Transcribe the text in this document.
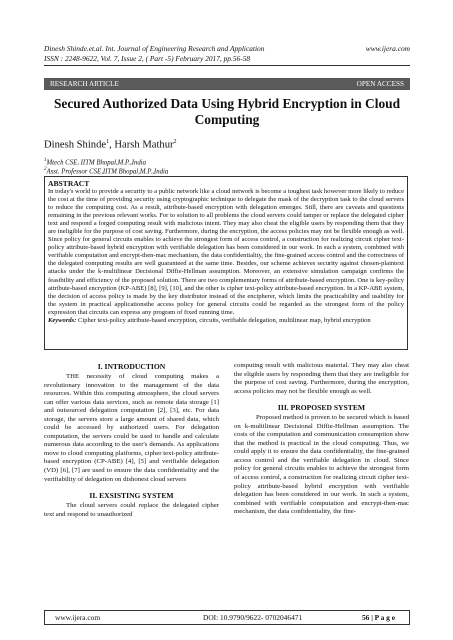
Dinesh Shinde.et.al. Int. Journal of Engineering Research and Application
ISSN : 2248-9622, Vol. 7, Issue 2, ( Part -5) February 2017, pp.56-58
www.ijera.com
RESEARCH ARTICLE	OPEN ACCESS
Secured Authorized Data Using Hybrid Encryption in Cloud Computing
Dinesh Shinde$^1$, Harsh Mathur$^2$
$^1$Mtech CSE, IITM Bhopal,M.P.,India
$^2$Asst. Professor CSE,IITM Bhopal,M.P.,India
ABSTRACT
In today's world to provide a security to a public network like a cloud network is become a toughest task however more likely to reduce the cost at the time of providing security using cryptographic technique to delegate the mask of the decryption task to the cloud servers to reduce the computing cost. As a result, attribute-based encryption with delegation emerges. Still, there are caveats and questions remaining in the previous relevant works. For to solution to all problems the cloud servers could tamper or replace the delegated cipher text and respond a forged computing result with malicious intent. They may also cheat the eligible users by responding them that they are ineligible for the purpose of cost saving. Furthermore, during the encryption, the access policies may not be flexible enough as well. Since policy for general circuits enables to achieve the strongest form of access control, a construction for realizing circuit cipher text-policy attribute-based hybrid encryption with verifiable delegation has been considered in our work. In such a system, combined with verifiable computation and encrypt-then-mac mechanism, the data confidentiality, the fine-grained access control and the correctness of the delegated computing results are well guaranteed at the same time. Besides, our scheme achieves security against chosen-plaintext attacks under the k-multilinear Decisional Diffie-Hellman assumption. Moreover, an extensive simulation campaign confirms the feasibility and efficiency of the proposed solution. There are two complementary forms of attribute-based encryption. One is key-policy attribute-based encryption (KP-ABE) [8], [9], [10], and the other is cipher text-policy attribute-based encryption. In a KP-ABE system, the decision of access policy is made by the key distributor instead of the encipherer, which limits the practicability and usability for the system in practical applicationsthe access policy for general circuits could be regarded as the strongest form of the policy expression that circuits can express any program of fixed running time.
Keywords: Cipher text-policy attribute-based encryption, circuits, verifiable delegation, multilinear map, hybrid encryption
I. INTRODUCTION

THE necessity of cloud computing makes a revolutionary innovation to the management of the data resources. Within this computing atmosphere, the cloud servers can offer various data services, such as remote data storage [1] and outsourced delegation computation [2], [3], etc. For data storage, the servers store a large amount of shared data, which could be accessed by authorized users. For delegation computation, the servers could be used to handle and calculate numerous data according to the user's demands. As applications move to cloud computing platforms, cipher text-policy attribute-based encryption (CP-ABE) [4], [5] and verifiable delegation (VD) [6], [7] are used to ensure the data confidentiality and the verifiability of delegation on dishonest cloud servers

II. EXSISTING SYSTEM

The cloud servers could replace the delegated cipher text and respond to unauthorized

computing result with malicious material. They may also cheat the eligible users by responding them that they are ineligible for the purpose of cost saving. Furthermore, during the encryption, access policies may not be flexible enough as well.

III. PROPOSED SYSTEM

Proposed method is proven to be secured which is based on k-multilinear Decisional Diffie-Hellman assumption. The costs of the computation and communication consumption show that the method is practical in the cloud computing. Thus, we could apply it to ensure the data confidentiality, the fine-grained access control and the verifiable delegation in cloud. Since policy for general circuits enables to achieve the strongest form of access control, a construction for realizing circuit cipher text-policy attribute-based hybrid encryption with verifiable delegation has been considered in our work. In such a system, combined with verifiable computation and encrypt-then-mac mechanism, the data confidentiality, the fine-

www.ijera.com	DOI: 10.9790/9622- 0702046471	56 | P a g e
